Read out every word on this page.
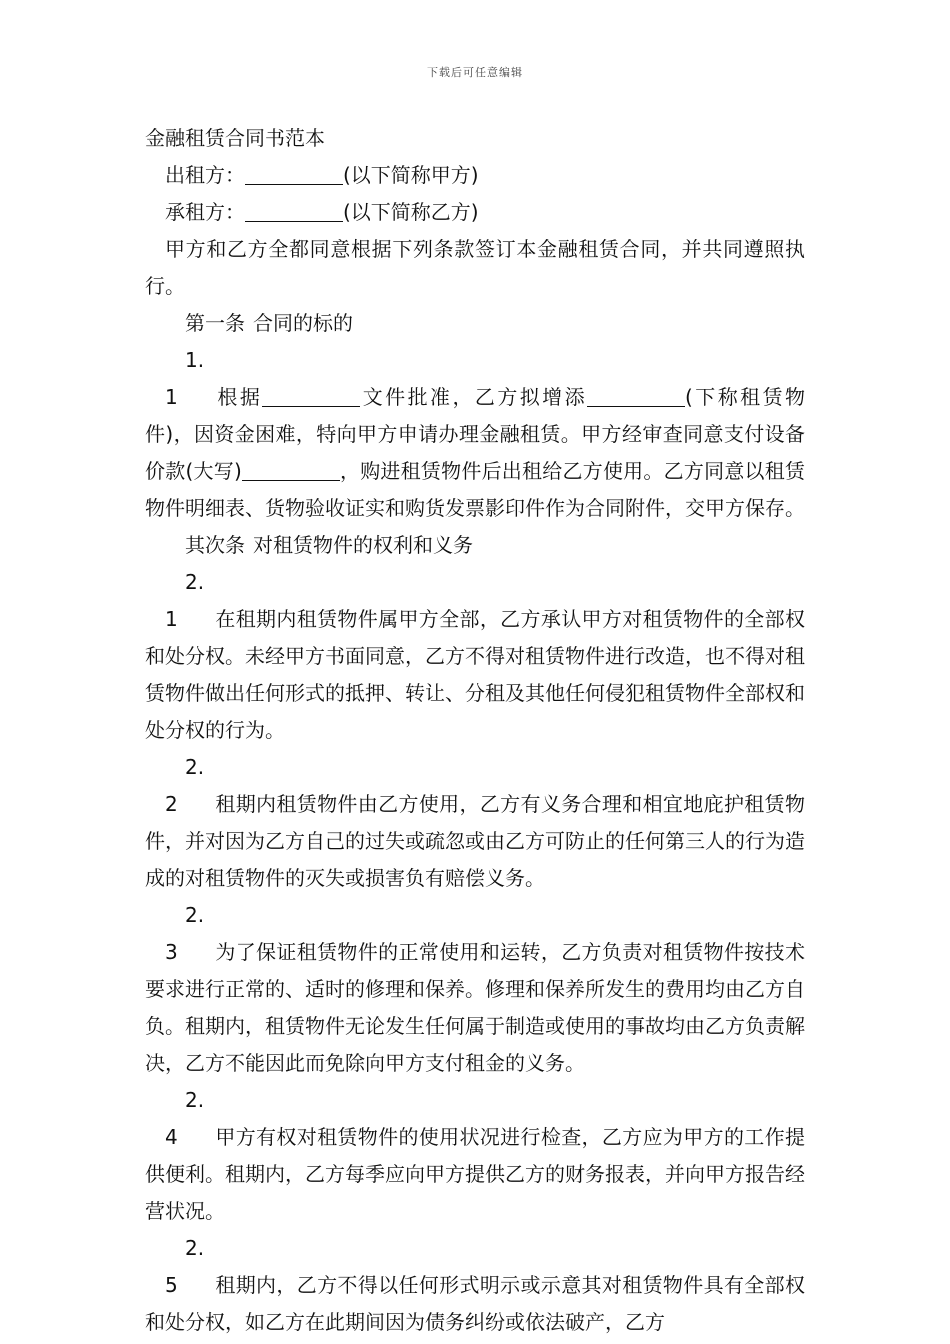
下载后可任意编辑

金融租赁合同书范本

出租方：	(以下简称甲方)

承租方：	(以下简称乙方)

甲方和乙方全都同意根据下列条款签订本金融租赁合同，并共同遵照执行。

第一条 合同的标的

1.1 根据	文件批准，乙方拟增添	(下称租赁物件)，因资金困难，特向甲方申请办理金融租赁。甲方经审查同意支付设备价款(大写)	，购进租赁物件后出租给乙方使用。乙方同意以租赁物件明细表、货物验收证实和购货发票影印件作为合同附件，交甲方保存。

其次条 对租赁物件的权利和义务

2.1 在租期内租赁物件属甲方全部，乙方承认甲方对租赁物件的全部权和处分权。未经甲方书面同意，乙方不得对租赁物件进行改造，也不得对租赁物件做出任何形式的抵押、转让、分租及其他任何侵犯租赁物件全部权和处分权的行为。

2.2 租期内租赁物件由乙方使用，乙方有义务合理和相宜地庇护租赁物件，并对因为乙方自己的过失或疏忽或由乙方可防止的任何第三人的行为造成的对租赁物件的灭失或损害负有赔偿义务。

2.3 为了保证租赁物件的正常使用和运转，乙方负责对租赁物件按技术要求进行正常的、适时的修理和保养。修理和保养所发生的费用均由乙方自负。租期内，租赁物件无论发生任何属于制造或使用的事故均由乙方负责解决，乙方不能因此而免除向甲方支付租金的义务。

2.4 甲方有权对租赁物件的使用状况进行检查，乙方应为甲方的工作提供便利。租期内，乙方每季应向甲方提供乙方的财务报表，并向甲方报告经营状况。

2.5 租期内，乙方不得以任何形式明示或示意其对租赁物件具有全部权和处分权，如乙方在此期间因为债务纠纷或依法破产，乙方
